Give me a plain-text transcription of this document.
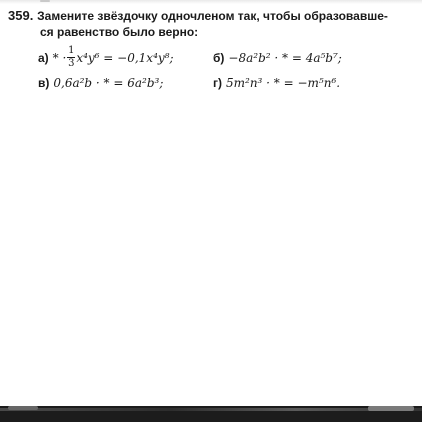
359. Замените звёздочку одночленом так, чтобы образовавше-
ся равенство было верно:
а) * · $\frac{1}{3} x^4y^6 = -0,1x^4y^8$;	б) −8a²b² · * = 4a⁵b⁷;
в) 0,6a²b · * = 6a²b³;	г) 5m²n³ · * = −m⁵n⁶.
